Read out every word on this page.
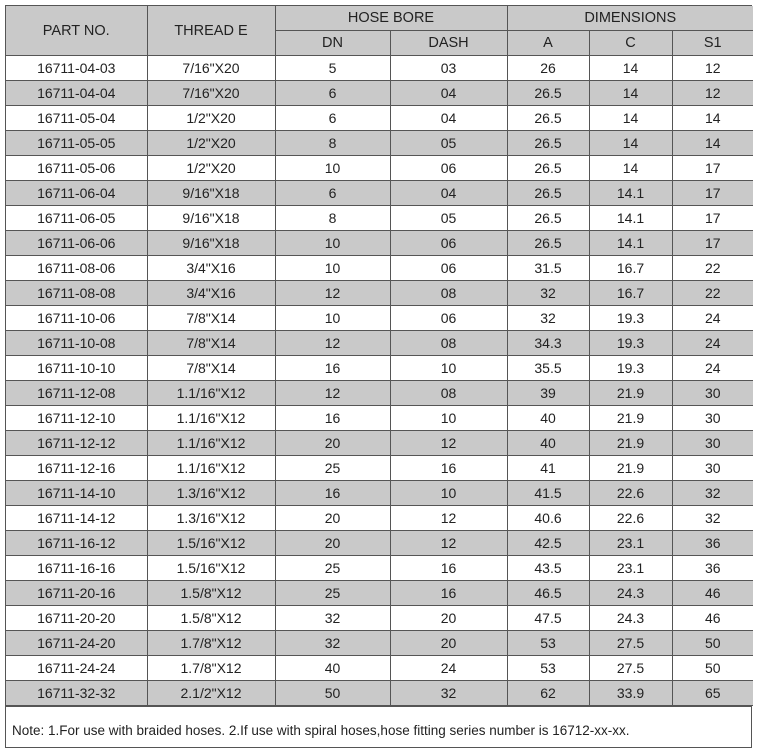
PART NO.	THREAD E	HOSE BORE		DIMENSIONS		
		DN	DASH	A	C	S1
16711-04-03	7/16"X20	5	03	26	14	12
16711-04-04	7/16"X20	6	04	26.5	14	12
16711-05-04	1/2"X20	6	04	26.5	14	14
16711-05-05	1/2"X20	8	05	26.5	14	14
16711-05-06	1/2"X20	10	06	26.5	14	17
16711-06-04	9/16"X18	6	04	26.5	14.1	17
16711-06-05	9/16"X18	8	05	26.5	14.1	17
16711-06-06	9/16"X18	10	06	26.5	14.1	17
16711-08-06	3/4"X16	10	06	31.5	16.7	22
16711-08-08	3/4"X16	12	08	32	16.7	22
16711-10-06	7/8"X14	10	06	32	19.3	24
16711-10-08	7/8"X14	12	08	34.3	19.3	24
16711-10-10	7/8"X14	16	10	35.5	19.3	24
16711-12-08	1.1/16"X12	12	08	39	21.9	30
16711-12-10	1.1/16"X12	16	10	40	21.9	30
16711-12-12	1.1/16"X12	20	12	40	21.9	30
16711-12-16	1.1/16"X12	25	16	41	21.9	30
16711-14-10	1.3/16"X12	16	10	41.5	22.6	32
16711-14-12	1.3/16"X12	20	12	40.6	22.6	32
16711-16-12	1.5/16"X12	20	12	42.5	23.1	36
16711-16-16	1.5/16"X12	25	16	43.5	23.1	36
16711-20-16	1.5/8"X12	25	16	46.5	24.3	46
16711-20-20	1.5/8"X12	32	20	47.5	24.3	46
16711-24-20	1.7/8"X12	32	20	53	27.5	50
16711-24-24	1.7/8"X12	40	24	53	27.5	50
16711-32-32	2.1/2"X12	50	32	62	33.9	65
Note: 1.For use with braided hoses. 2.If use with spiral hoses,hose fitting series number is 16712-xx-xx.
